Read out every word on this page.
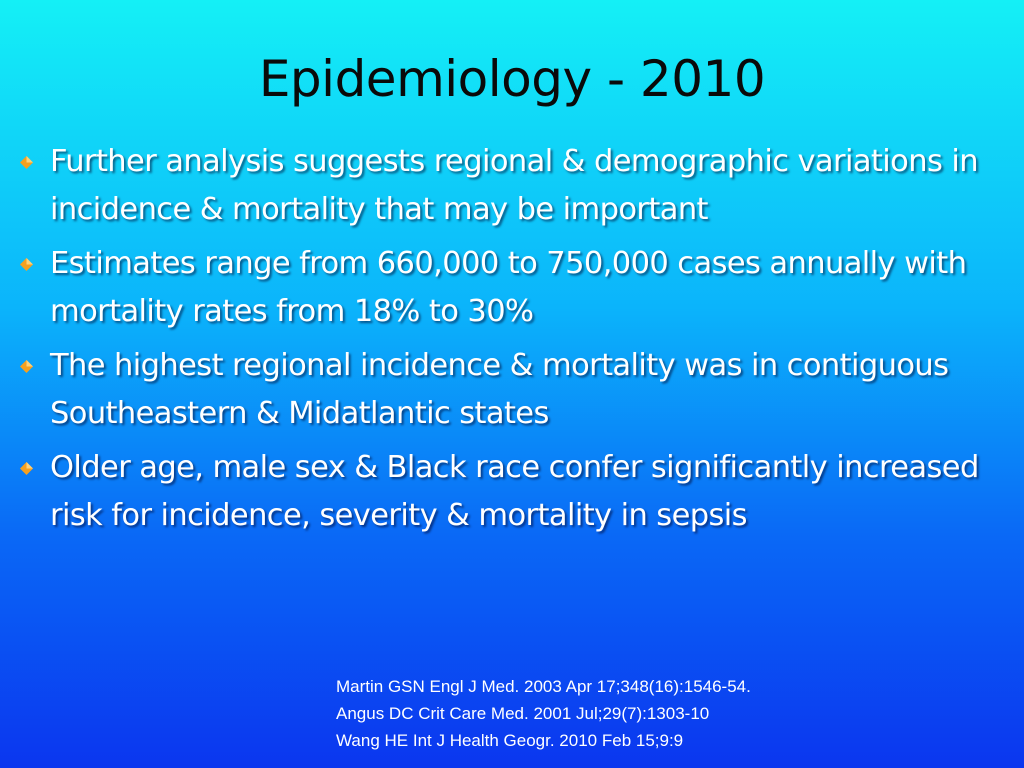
Epidemiology - 2010
Further analysis suggests regional & demographic variations in incidence & mortality that may be important
Estimates range from 660,000 to 750,000 cases annually with mortality rates from 18% to 30%
The highest regional incidence & mortality was in contiguous Southeastern & Midatlantic states
Older age, male sex & Black race confer significantly increased risk for incidence, severity & mortality in sepsis
Martin GSN Engl J Med. 2003 Apr 17;348(16):1546-54.
Angus DC Crit Care Med. 2001 Jul;29(7):1303-10
Wang HE Int J Health Geogr. 2010 Feb 15;9:9
